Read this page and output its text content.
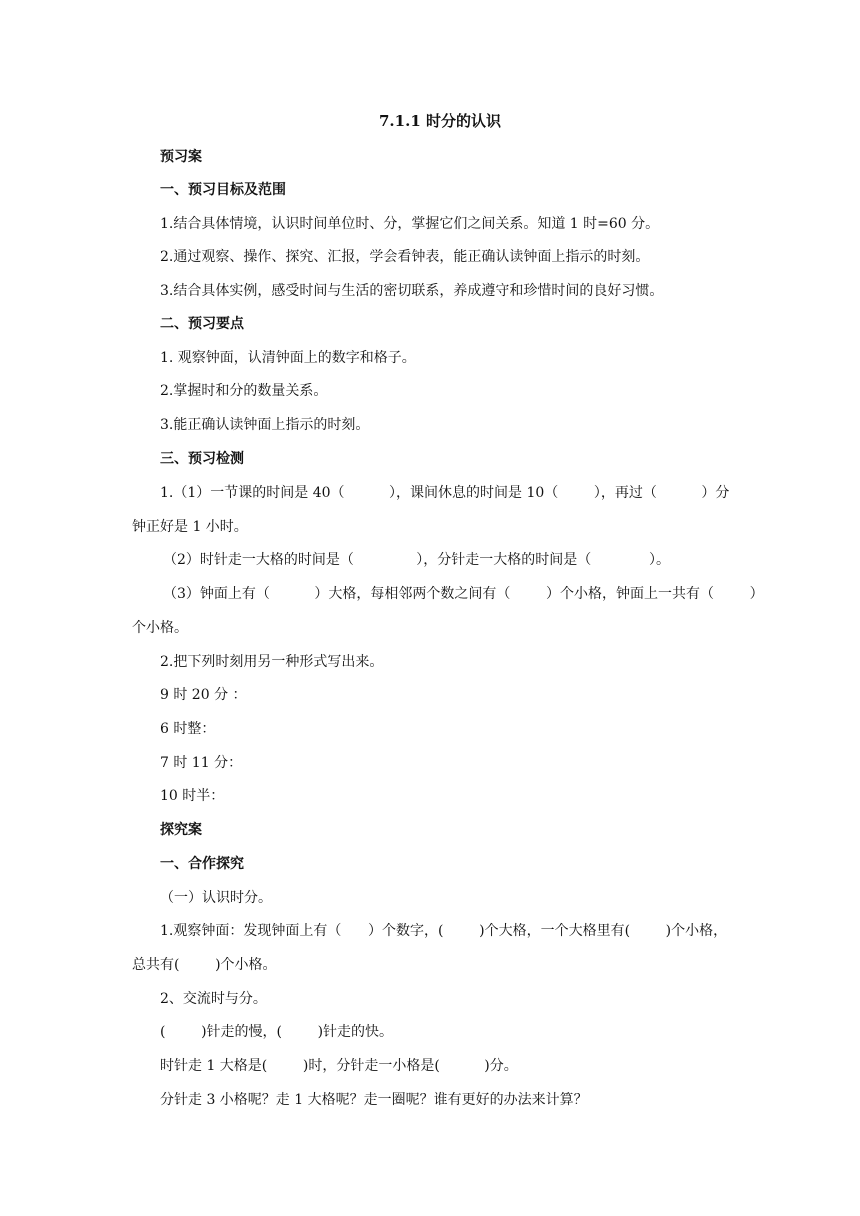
7.1.1 时分的认识
预习案
一、预习目标及范围
1.结合具体情境，认识时间单位时、分，掌握它们之间关系。知道 1 时=60 分。
2.通过观察、操作、探究、汇报，学会看钟表，能正确认读钟面上指示的时刻。
3.结合具体实例，感受时间与生活的密切联系，养成遵守和珍惜时间的良好习惯。
二、预习要点
1. 观察钟面，认清钟面上的数字和格子。
2.掌握时和分的数量关系。
3.能正确认读钟面上指示的时刻。
三、预习检测
1.（1）一节课的时间是 40（          ），课间休息的时间是 10（        ），再过（          ）分
钟正好是 1 小时。
（2）时针走一大格的时间是（              ），分针走一大格的时间是（             ）。
（3）钟面上有（          ）大格，每相邻两个数之间有（        ）个小格，钟面上一共有（        ）
个小格。
2.把下列时刻用另一种形式写出来。
9 时 20 分 ：
6 时整：
7 时 11 分：
10 时半：
探究案
一、合作探究
（一）认识时分。
1.观察钟面：发现钟面上有（      ）个数字，(        )个大格，一个大格里有(        )个小格，
总共有(        )个小格。
2、交流时与分。
(        )针走的慢，(        )针走的快。
时针走 1 大格是(        )时，分针走一小格是(          )分。
分针走 3 小格呢？走 1 大格呢？走一圈呢？谁有更好的办法来计算？
